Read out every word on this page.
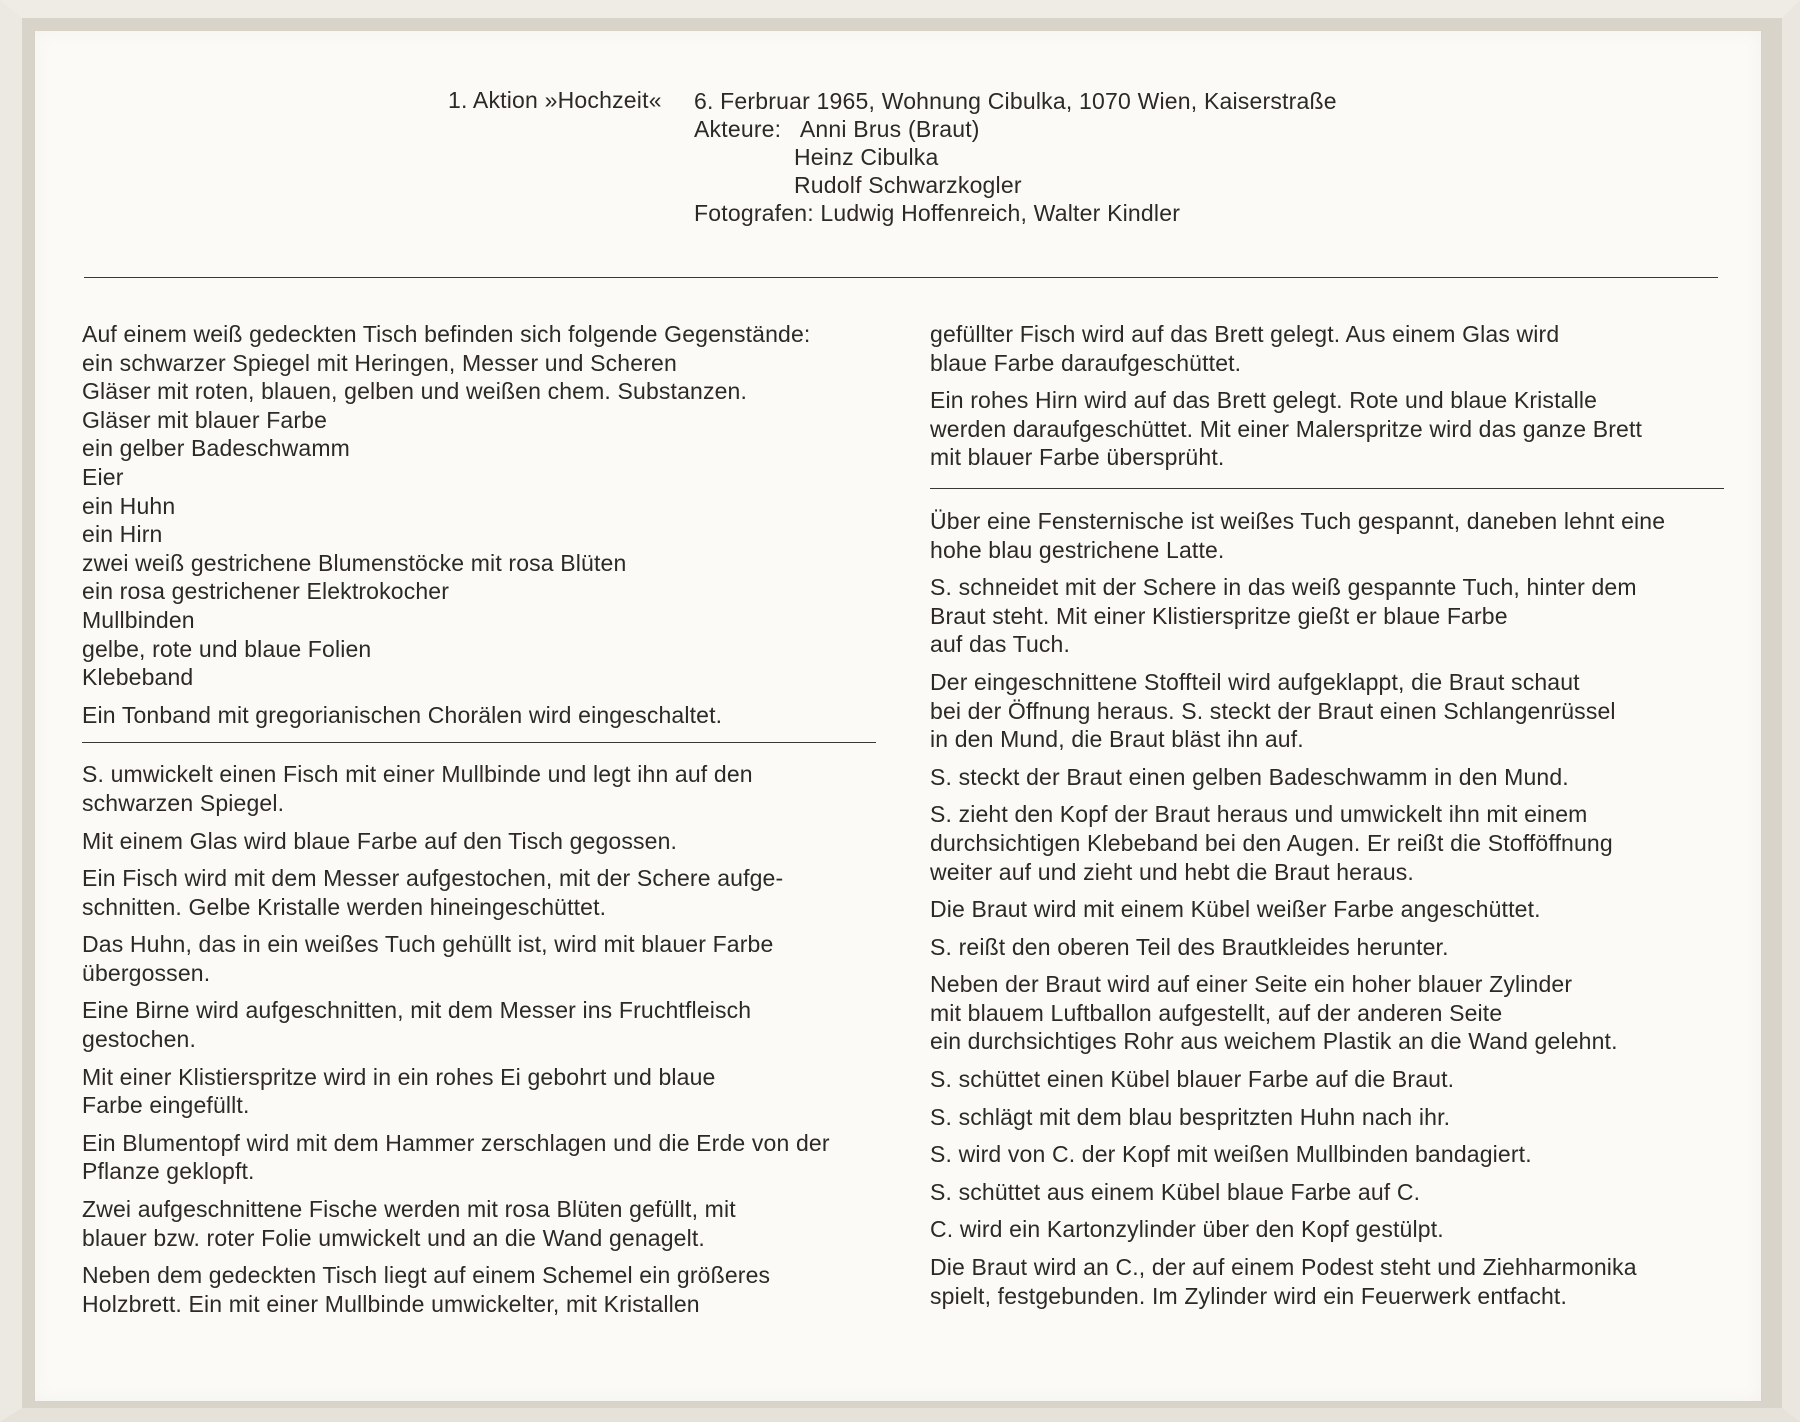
1. Aktion »Hochzeit« 6. Ferbruar 1965, Wohnung Cibulka, 1070 Wien, Kaiserstraße
Akteure: Anni Brus (Braut)
Heinz Cibulka
Rudolf Schwarzkogler
Fotografen: Ludwig Hoffenreich, Walter Kindler
Auf einem weiß gedeckten Tisch befinden sich folgende Gegenstände:
ein schwarzer Spiegel mit Heringen, Messer und Scheren
Gläser mit roten, blauen, gelben und weißen chem. Substanzen.
Gläser mit blauer Farbe
ein gelber Badeschwamm
Eier
ein Huhn
ein Hirn
zwei weiß gestrichene Blumenstöcke mit rosa Blüten
ein rosa gestrichener Elektrokocher
Mullbinden
gelbe, rote und blaue Folien
Klebeband
Ein Tonband mit gregorianischen Chorälen wird eingeschaltet.
S. umwickelt einen Fisch mit einer Mullbinde und legt ihn auf den
schwarzen Spiegel.
Mit einem Glas wird blaue Farbe auf den Tisch gegossen.
Ein Fisch wird mit dem Messer aufgestochen, mit der Schere aufge-
schnitten. Gelbe Kristalle werden hineingeschüttet.
Das Huhn, das in ein weißes Tuch gehüllt ist, wird mit blauer Farbe
übergossen.
Eine Birne wird aufgeschnitten, mit dem Messer ins Fruchtfleisch
gestochen.
Mit einer Klistierspritze wird in ein rohes Ei gebohrt und blaue
Farbe eingefüllt.
Ein Blumentopf wird mit dem Hammer zerschlagen und die Erde von der
Pflanze geklopft.
Zwei aufgeschnittene Fische werden mit rosa Blüten gefüllt, mit
blauer bzw. roter Folie umwickelt und an die Wand genagelt.
Neben dem gedeckten Tisch liegt auf einem Schemel ein größeres
Holzbrett. Ein mit einer Mullbinde umwickelter, mit Kristallen
gefüllter Fisch wird auf das Brett gelegt. Aus einem Glas wird
blaue Farbe daraufgeschüttet.
Ein rohes Hirn wird auf das Brett gelegt. Rote und blaue Kristalle
werden daraufgeschüttet. Mit einer Malerspritze wird das ganze Brett
mit blauer Farbe übersprüht.
Über eine Fensternische ist weißes Tuch gespannt, daneben lehnt eine
hohe blau gestrichene Latte.
S. schneidet mit der Schere in das weiß gespannte Tuch, hinter dem
Braut steht. Mit einer Klistierspritze gießt er blaue Farbe
auf das Tuch.
Der eingeschnittene Stoffteil wird aufgeklappt, die Braut schaut
bei der Öffnung heraus. S. steckt der Braut einen Schlangenrüssel
in den Mund, die Braut bläst ihn auf.
S. steckt der Braut einen gelben Badeschwamm in den Mund.
S. zieht den Kopf der Braut heraus und umwickelt ihn mit einem
durchsichtigen Klebeband bei den Augen. Er reißt die Stofföffnung
weiter auf und zieht und hebt die Braut heraus.
Die Braut wird mit einem Kübel weißer Farbe angeschüttet.
S. reißt den oberen Teil des Brautkleides herunter.
Neben der Braut wird auf einer Seite ein hoher blauer Zylinder
mit blauem Luftballon aufgestellt, auf der anderen Seite
ein durchsichtiges Rohr aus weichem Plastik an die Wand gelehnt.
S. schüttet einen Kübel blauer Farbe auf die Braut.
S. schlägt mit dem blau bespritzten Huhn nach ihr.
S. wird von C. der Kopf mit weißen Mullbinden bandagiert.
S. schüttet aus einem Kübel blaue Farbe auf C.
C. wird ein Kartonzylinder über den Kopf gestülpt.
Die Braut wird an C., der auf einem Podest steht und Ziehharmonika
spielt, festgebunden. Im Zylinder wird ein Feuerwerk entfacht.
